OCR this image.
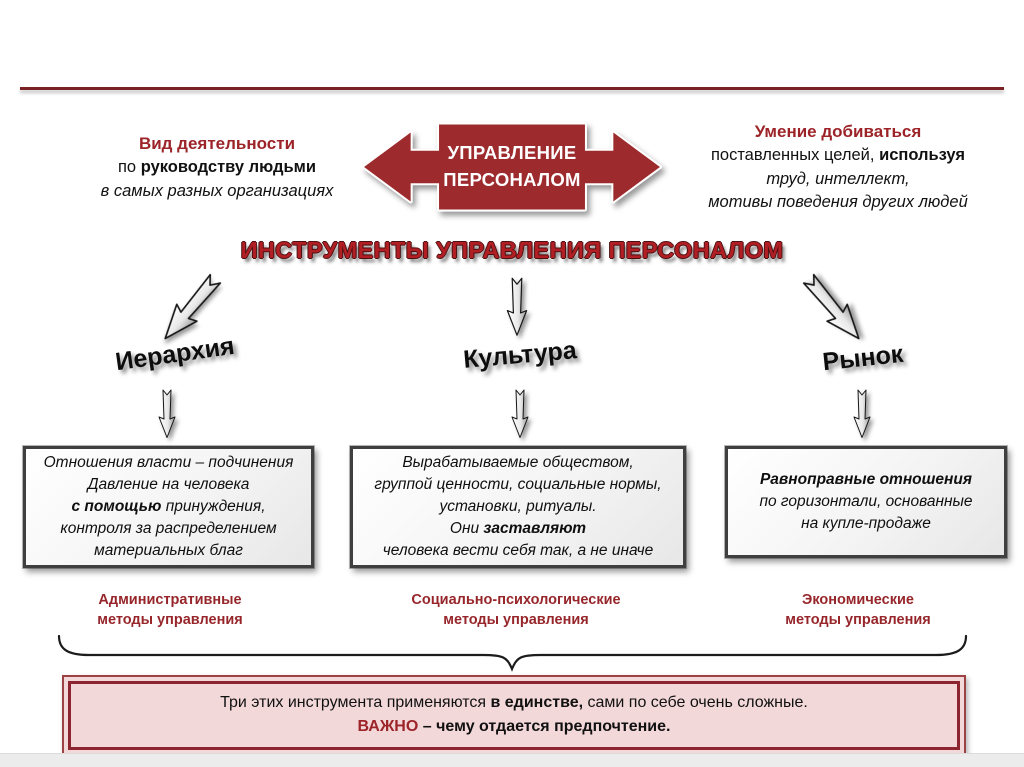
Вид деятельности
по руководству людьми
в самых разных организациях
УПРАВЛЕНИЕ
ПЕРСОНАЛОМ
Умение добиваться
поставленных целей, используя
труд, интеллект,
мотивы поведения других людей
ИНСТРУМЕНТЫ УПРАВЛЕНИЯ ПЕРСОНАЛОМ
Иерархия	Культура	Рынок
Отношения власти – подчинения
Давление на человека
с помощью принуждения,
контроля за распределением
материальных благ
Вырабатываемые обществом,
группой ценности, социальные нормы,
установки, ритуалы.
Они заставляют
человека вести себя так, а не иначе
Равноправные отношения
по горизонтали, основанные
на купле-продаже
Административные
методы управления
Социально-психологические
методы управления
Экономические
методы управления
Три этих инструмента применяются в единстве, сами по себе очень сложные.
ВАЖНО – чему отдается предпочтение.
